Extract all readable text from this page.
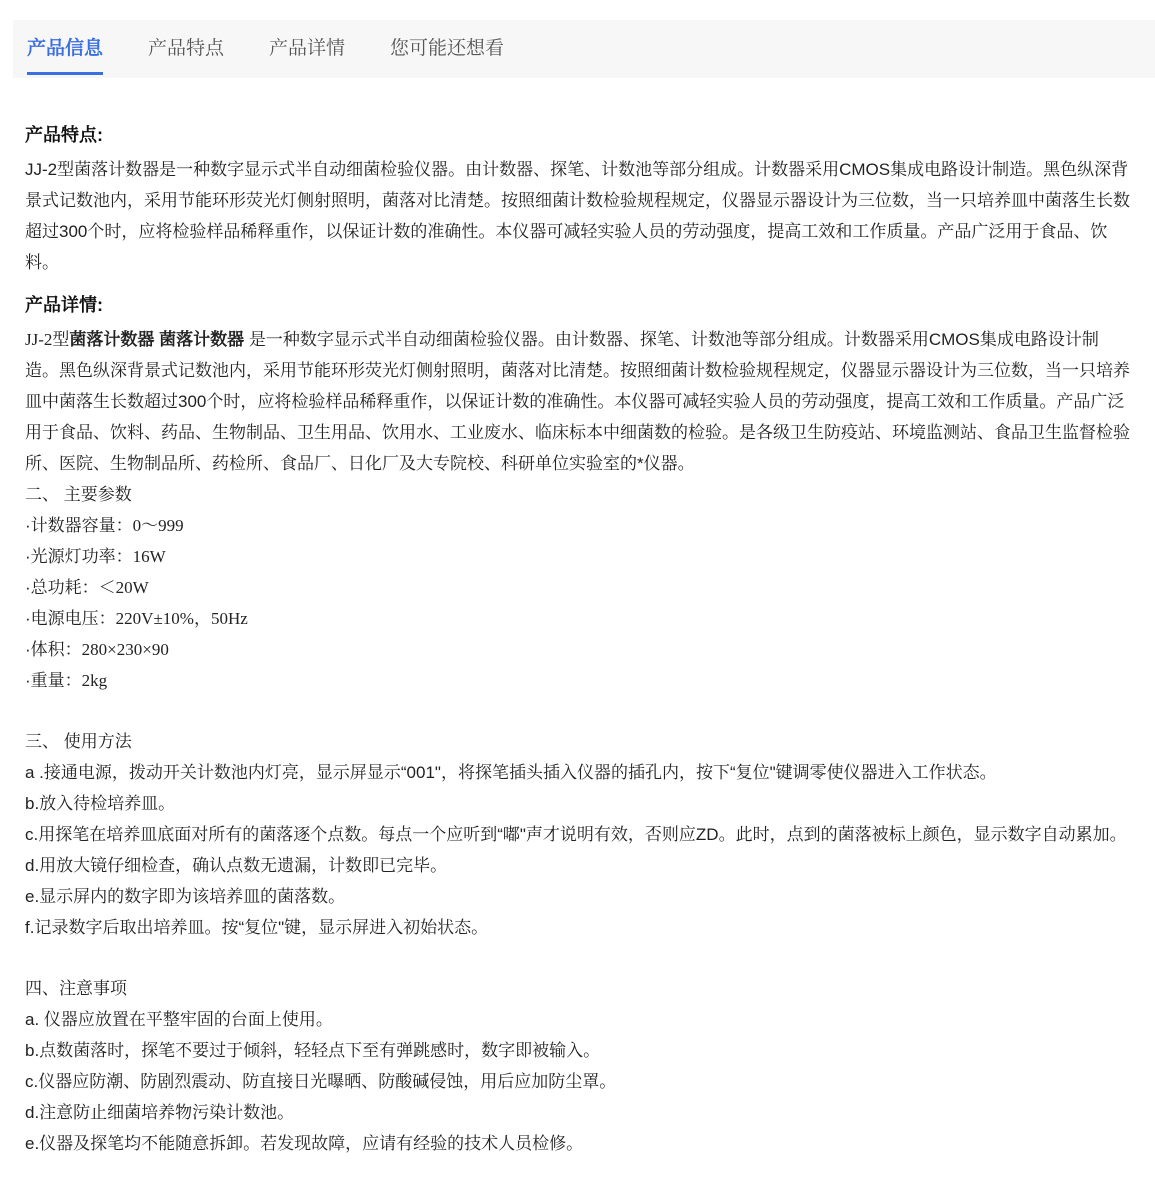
产品信息 产品特点 产品详情 您可能还想看
产品特点:

JJ-2型菌落计数器是一种数字显示式半自动细菌检验仪器。由计数器、探笔、计数池等部分组成。计数器采用CMOS集成电路设计制造。黑色纵深背景式记数池内，采用节能环形荧光灯侧射照明，菌落对比清楚。按照细菌计数检验规程规定，仪器显示器设计为三位数，当一只培养皿中菌落生长数超过300个时，应将检验样品稀释重作，以保证计数的准确性。本仪器可减轻实验人员的劳动强度，提高工效和工作质量。产品广泛用于食品、饮料。

产品详情:

JJ-2型菌落计数器 菌落计数器 是一种数字显示式半自动细菌检验仪器。由计数器、探笔、计数池等部分组成。计数器采用CMOS集成电路设计制造。黑色纵深背景式记数池内，采用节能环形荧光灯侧射照明，菌落对比清楚。按照细菌计数检验规程规定，仪器显示器设计为三位数，当一只培养皿中菌落生长数超过300个时，应将检验样品稀释重作，以保证计数的准确性。本仪器可减轻实验人员的劳动强度，提高工效和工作质量。产品广泛用于食品、饮料、药品、生物制品、卫生用品、饮用水、工业废水、临床标本中细菌数的检验。是各级卫生防疫站、环境监测站、食品卫生监督检验所、医院、生物制品所、药检所、食品厂、日化厂及大专院校、科研单位实验室的*仪器。

二、 主要参数
·计数器容量：0～999
·光源灯功率：16W
·总功耗：＜20W
·电源电压：220V±10%，50Hz
·体积：280×230×90
·重量：2kg
三、 使用方法
a .接通电源，拨动开关计数池内灯亮，显示屏显示“001"，将探笔插头插入仪器的插孔内，按下“复位"键调零使仪器进入工作状态。
b.放入待检培养皿。
c.用探笔在培养皿底面对所有的菌落逐个点数。每点一个应听到“嘟"声才说明有效，否则应ZD。此时，点到的菌落被标上颜色，显示数字自动累加。
d.用放大镜仔细检查，确认点数无遗漏，计数即已完毕。
e.显示屏内的数字即为该培养皿的菌落数。
f.记录数字后取出培养皿。按“复位"键，显示屏进入初始状态。
四、注意事项
a. 仪器应放置在平整牢固的台面上使用。
b.点数菌落时，探笔不要过于倾斜，轻轻点下至有弹跳感时，数字即被输入。
c.仪器应防潮、防剧烈震动、防直接日光曝晒、防酸碱侵蚀，用后应加防尘罩。
d.注意防止细菌培养物污染计数池。
e.仪器及探笔均不能随意拆卸。若发现故障，应请有经验的技术人员检修。
